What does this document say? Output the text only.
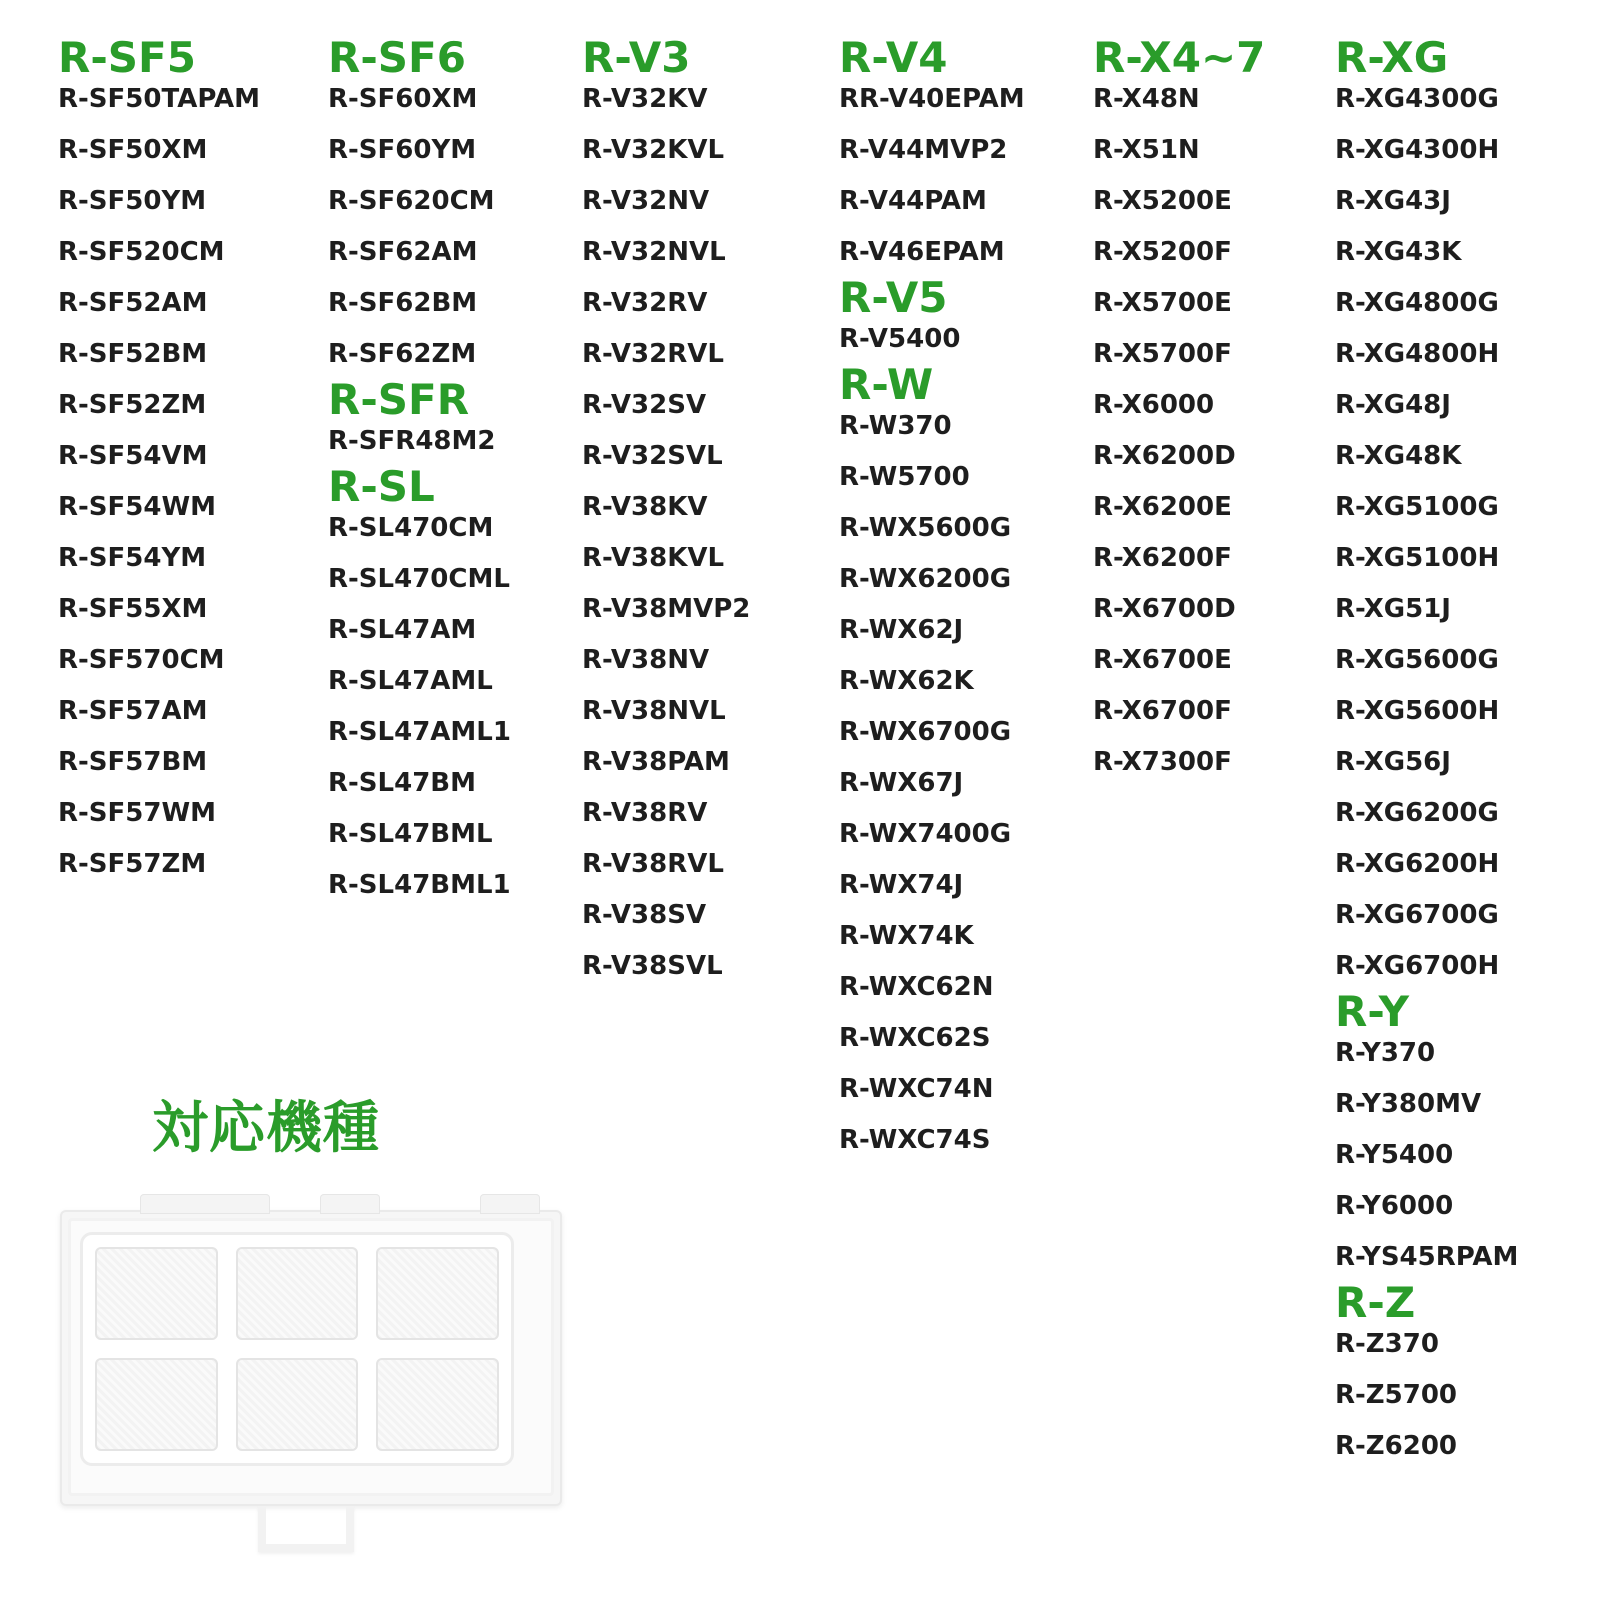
R-SF5
R-SF50TAPAM
R-SF50XM
R-SF50YM
R-SF520CM
R-SF52AM
R-SF52BM
R-SF52ZM
R-SF54VM
R-SF54WM
R-SF54YM
R-SF55XM
R-SF570CM
R-SF57AM
R-SF57BM
R-SF57WM
R-SF57ZM
R-SF6
R-SF60XM
R-SF60YM
R-SF620CM
R-SF62AM
R-SF62BM
R-SF62ZM
R-SFR
R-SFR48M2
R-SL
R-SL470CM
R-SL470CML
R-SL47AM
R-SL47AML
R-SL47AML1
R-SL47BM
R-SL47BML
R-SL47BML1
R-V3
R-V32KV
R-V32KVL
R-V32NV
R-V32NVL
R-V32RV
R-V32RVL
R-V32SV
R-V32SVL
R-V38KV
R-V38KVL
R-V38MVP2
R-V38NV
R-V38NVL
R-V38PAM
R-V38RV
R-V38RVL
R-V38SV
R-V38SVL
R-V4
RR-V40EPAM
R-V44MVP2
R-V44PAM
R-V46EPAM
R-V5
R-V5400
R-W
R-W370
R-W5700
R-WX5600G
R-WX6200G
R-WX62J
R-WX62K
R-WX6700G
R-WX67J
R-WX7400G
R-WX74J
R-WX74K
R-WXC62N
R-WXC62S
R-WXC74N
R-WXC74S
R-X4~7
R-X48N
R-X51N
R-X5200E
R-X5200F
R-X5700E
R-X5700F
R-X6000
R-X6200D
R-X6200E
R-X6200F
R-X6700D
R-X6700E
R-X6700F
R-X7300F
R-XG
R-XG4300G
R-XG4300H
R-XG43J
R-XG43K
R-XG4800G
R-XG4800H
R-XG48J
R-XG48K
R-XG5100G
R-XG5100H
R-XG51J
R-XG5600G
R-XG5600H
R-XG56J
R-XG6200G
R-XG6200H
R-XG6700G
R-XG6700H
R-Y
R-Y370
R-Y380MV
R-Y5400
R-Y6000
R-YS45RPAM
R-Z
R-Z370
R-Z5700
R-Z6200
対応機種
